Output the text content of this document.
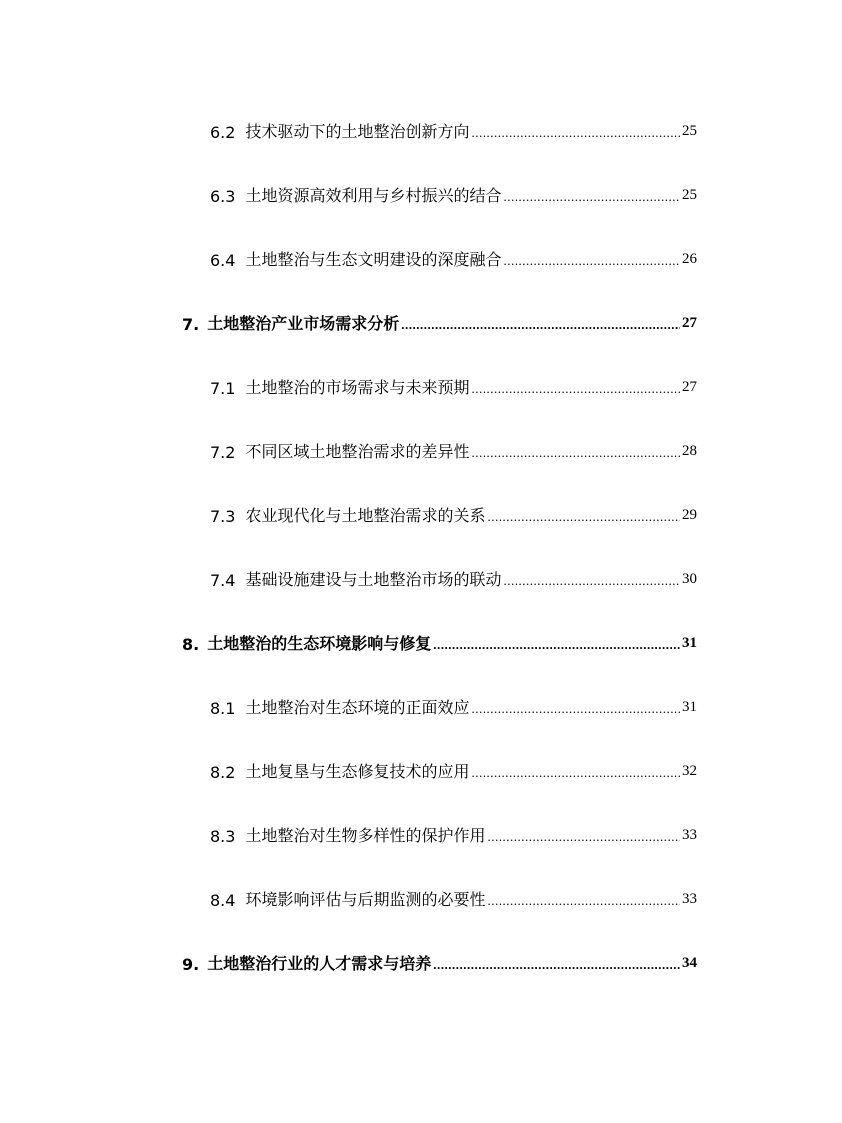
6.2 技术驱动下的土地整治创新方向 .....	25
6.3 土地资源高效利用与乡村振兴的结合 .....	25
6.4 土地整治与生态文明建设的深度融合 .....	26
7. 土地整治产业市场需求分析 .....	27
7.1 土地整治的市场需求与未来预期 .....	27
7.2 不同区域土地整治需求的差异性 .....	28
7.3 农业现代化与土地整治需求的关系 .....	29
7.4 基础设施建设与土地整治市场的联动 .....	30
8. 土地整治的生态环境影响与修复 .....	31
8.1 土地整治对生态环境的正面效应 .....	31
8.2 土地复垦与生态修复技术的应用 .....	32
8.3 土地整治对生物多样性的保护作用 .....	33
8.4 环境影响评估与后期监测的必要性 .....	33
9. 土地整治行业的人才需求与培养 .....	34
